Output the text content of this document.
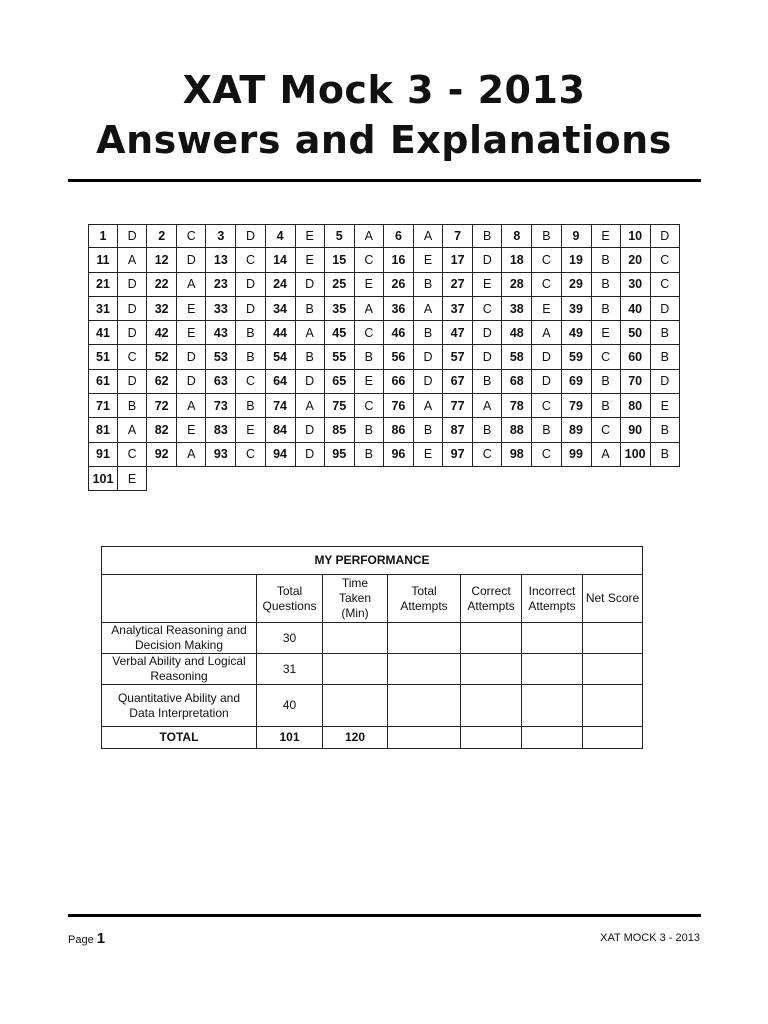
XAT Mock 3 - 2013
Answers and Explanations
1	D	2	C	3	D	4	E	5	A	6	A	7	B	8	B	9	E	10	D
11	A	12	D	13	C	14	E	15	C	16	E	17	D	18	C	19	B	20	C
21	D	22	A	23	D	24	D	25	E	26	B	27	E	28	C	29	B	30	C
31	D	32	E	33	D	34	B	35	A	36	A	37	C	38	E	39	B	40	D
41	D	42	E	43	B	44	A	45	C	46	B	47	D	48	A	49	E	50	B
51	C	52	D	53	B	54	B	55	B	56	D	57	D	58	D	59	C	60	B
61	D	62	D	63	C	64	D	65	E	66	D	67	B	68	D	69	B	70	D
71	B	72	A	73	B	74	A	75	C	76	A	77	A	78	C	79	B	80	E
81	A	82	E	83	E	84	D	85	B	86	B	87	B	88	B	89	C	90	B
91	C	92	A	93	C	94	D	95	B	96	E	97	C	98	C	99	A	100	B
101	E
MY PERFORMANCE						
	Total Questions	Time Taken (Min)	Total Attempts	Correct Attempts	Incorrect Attempts	Net Score
Analytical Reasoning and Decision Making	30					
Verbal Ability and Logical Reasoning	31					
Quantitative Ability and Data Interpretation	40					
TOTAL	101	120				
Page 1	XAT MOCK 3 - 2013
